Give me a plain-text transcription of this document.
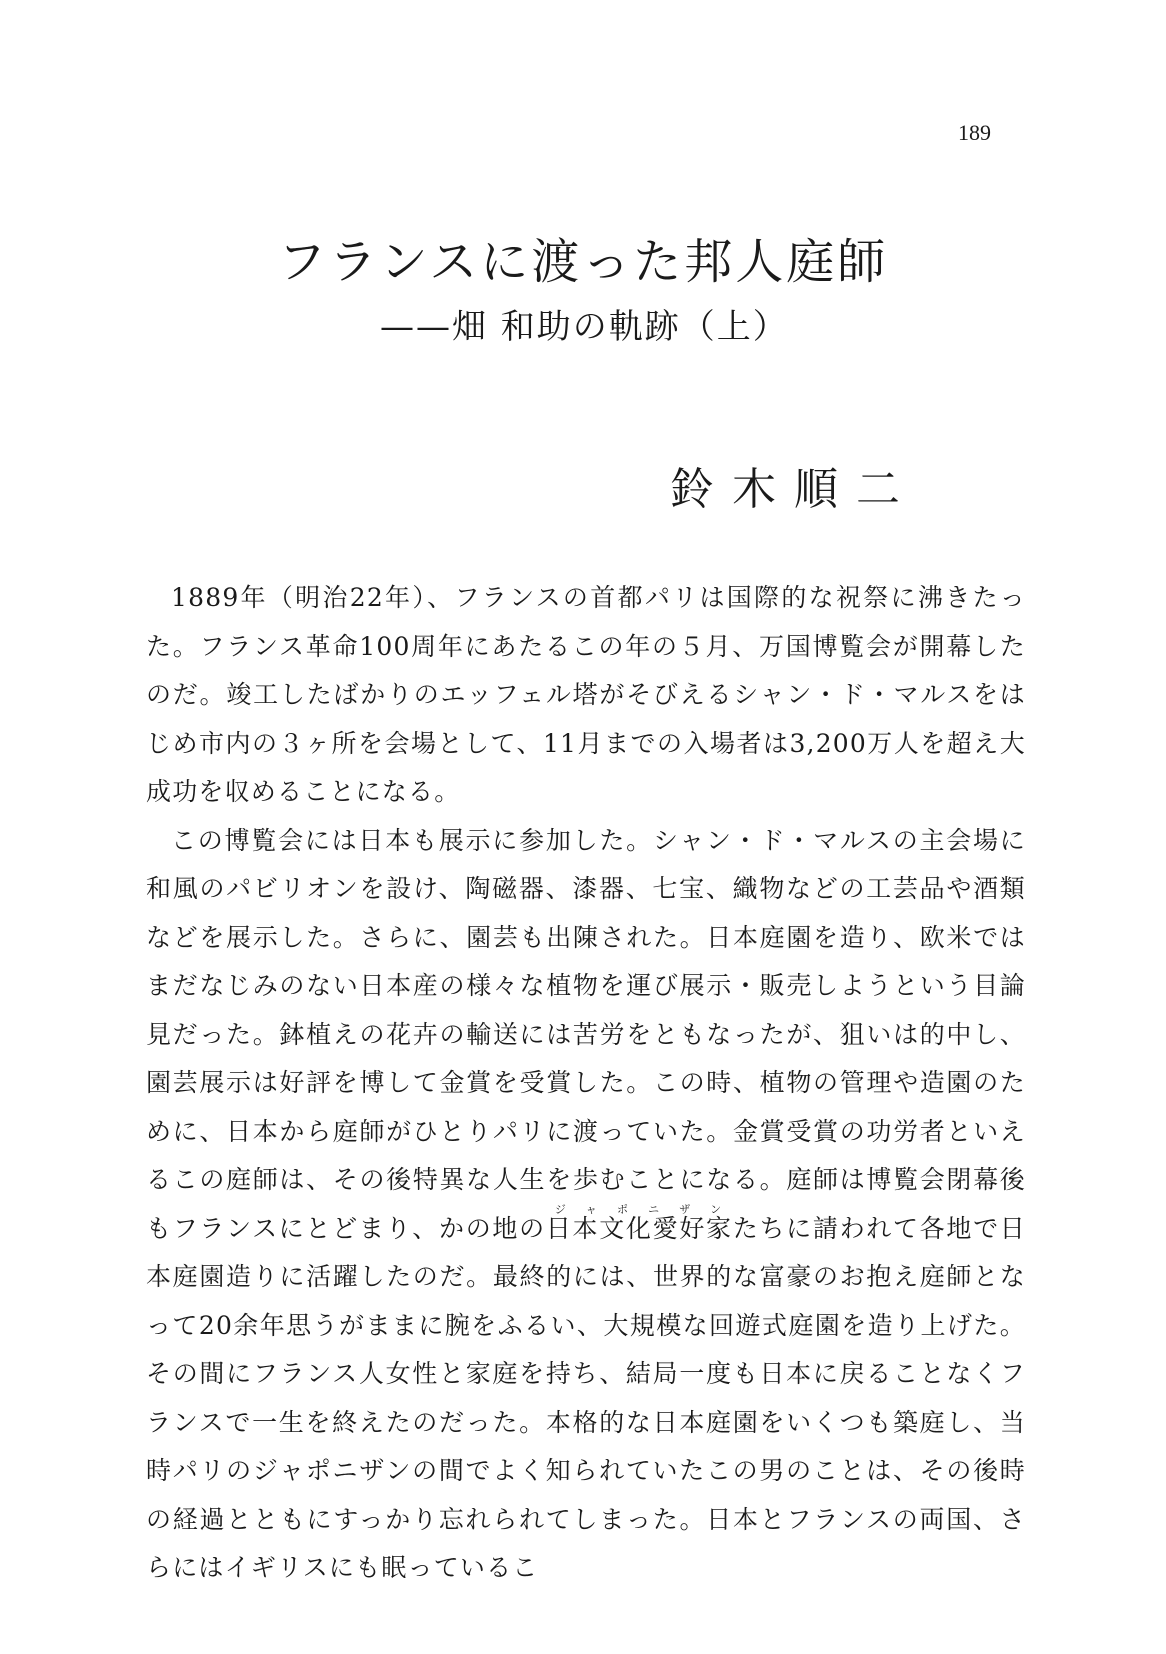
189
フランスに渡った邦人庭師
——畑 和助の軌跡（上）
鈴 木 順 二

1889年（明治22年）、フランスの首都パリは国際的な祝祭に沸きたった。フランス革命100周年にあたるこの年の５月、万国博覧会が開幕したのだ。竣工したばかりのエッフェル塔がそびえるシャン・ド・マルスをはじめ市内の３ヶ所を会場として、11月までの入場者は3,200万人を超え大成功を収めることになる。

この博覧会には日本も展示に参加した。シャン・ド・マルスの主会場に和風のパビリオンを設け、陶磁器、漆器、七宝、織物などの工芸品や酒類などを展示した。さらに、園芸も出陳された。日本庭園を造り、欧米ではまだなじみのない日本産の様々な植物を運び展示・販売しようという目論見だった。鉢植えの花卉の輸送には苦労をともなったが、狙いは的中し、園芸展示は好評を博して金賞を受賞した。この時、植物の管理や造園のために、日本から庭師がひとりパリに渡っていた。金賞受賞の功労者といえるこの庭師は、その後特異な人生を歩むことになる。庭師は博覧会閉幕後もフランスにとどまり、かの地の日本文化愛好家ジャポニザンたちに請われて各地で日本庭園造りに活躍したのだ。最終的には、世界的な富豪のお抱え庭師となって20余年思うがままに腕をふるい、大規模な回遊式庭園を造り上げた。その間にフランス人女性と家庭を持ち、結局一度も日本に戻ることなくフランスで一生を終えたのだった。本格的な日本庭園をいくつも築庭し、当時パリのジャポニザンの間でよく知られていたこの男のことは、その後時の経過とともにすっかり忘れられてしまった。日本とフランスの両国、さらにはイギリスにも眠っているこ
